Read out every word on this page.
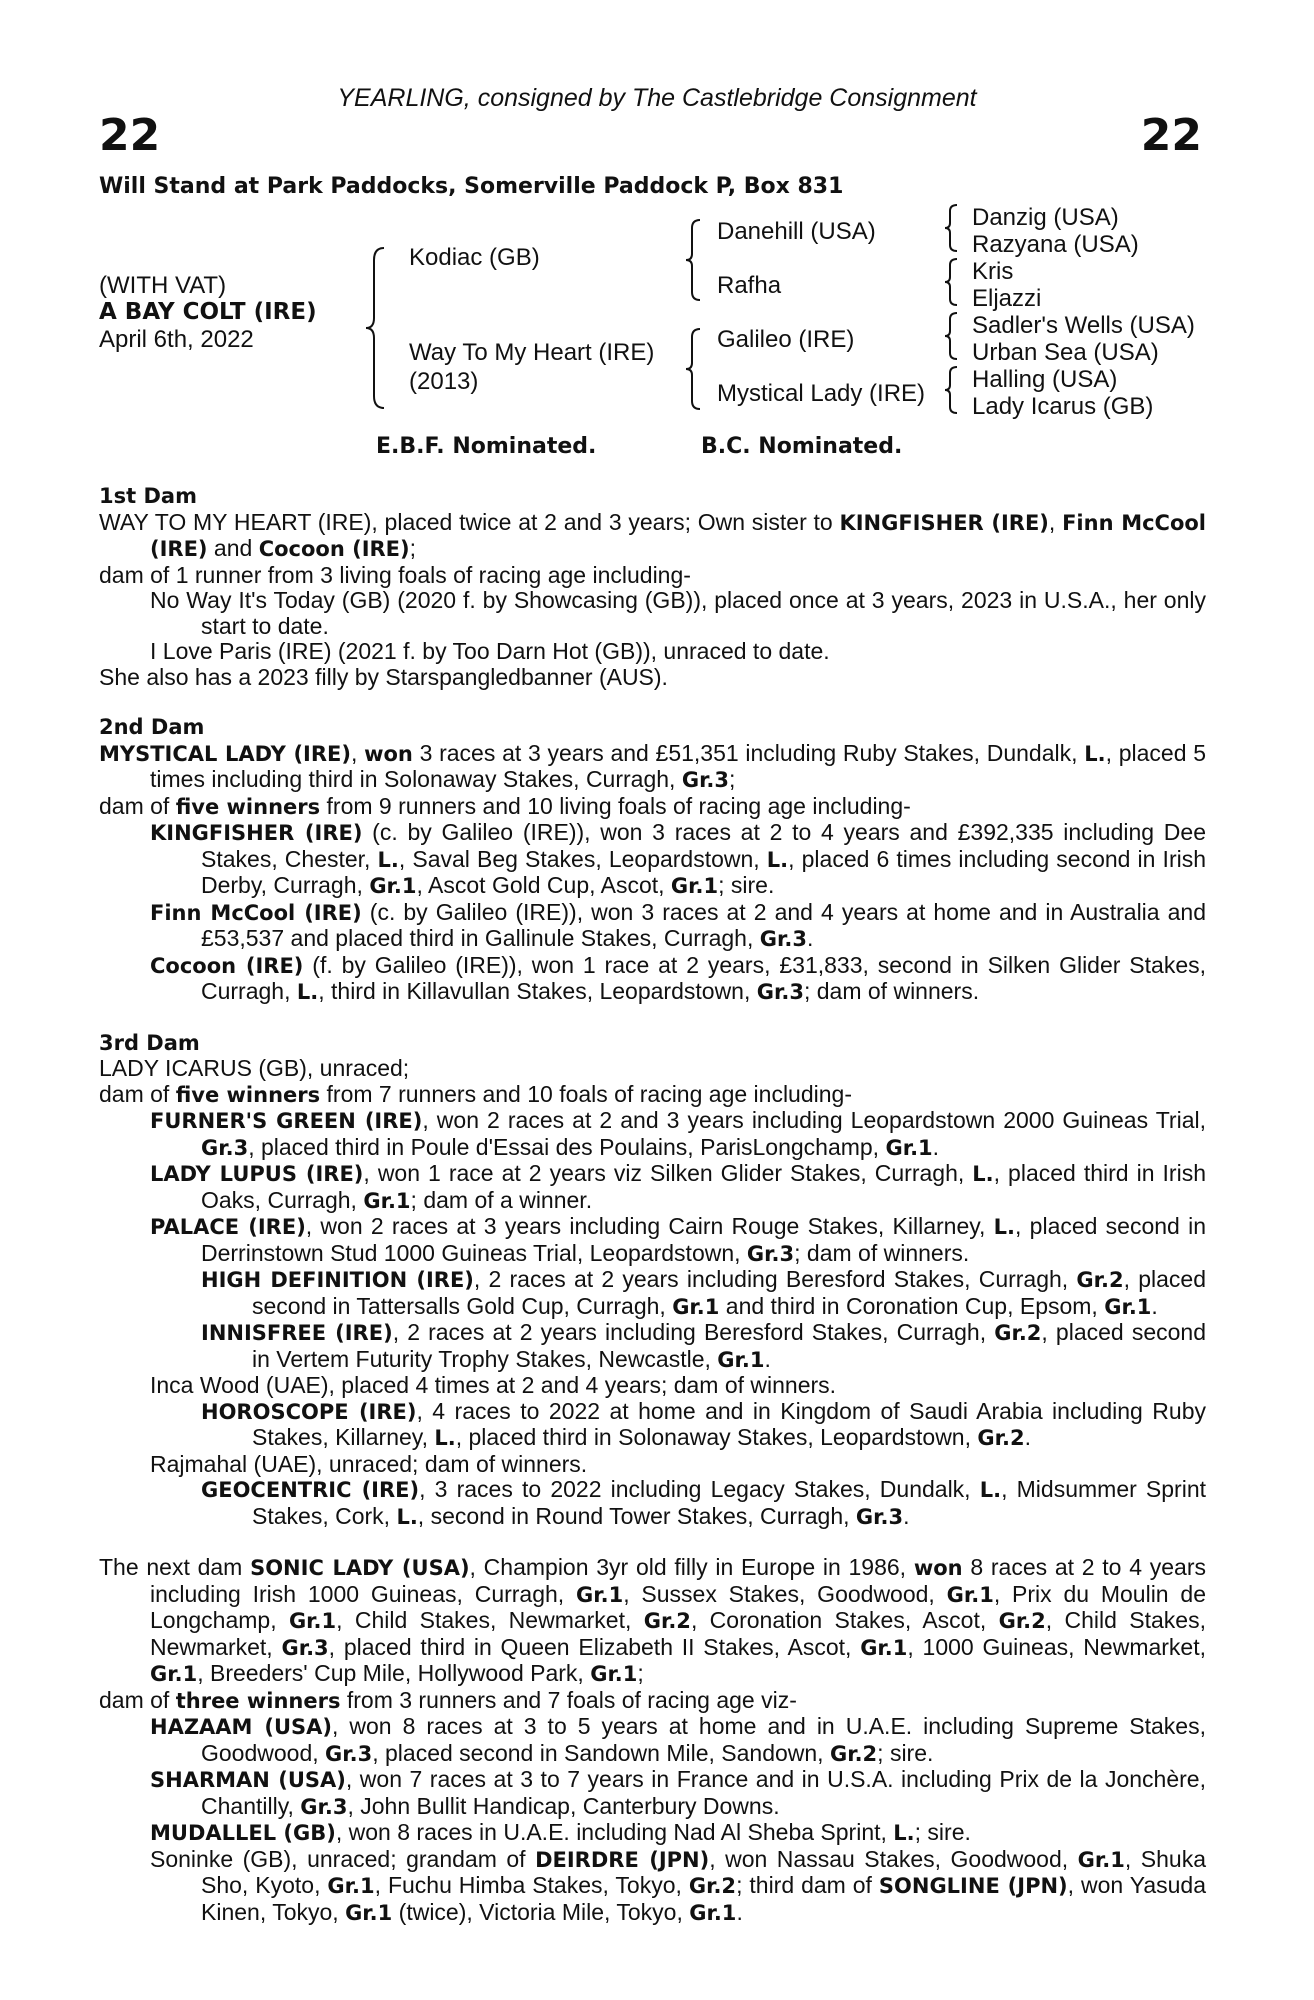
YEARLING, consigned by The Castlebridge Consignment
22	22
Will Stand at Park Paddocks, Somerville Paddock P, Box 831
(WITH VAT)
A BAY COLT (IRE)
April 6th, 2022
Kodiac (GB)
Way To My Heart (IRE)
(2013)
Danehill (USA)
Rafha
Galileo (IRE)
Mystical Lady (IRE)
Danzig (USA)
Razyana (USA)
Kris
Eljazzi
Sadler's Wells (USA)
Urban Sea (USA)
Halling (USA)
Lady Icarus (GB)
E.B.F. Nominated.	B.C. Nominated.
1st Dam
WAY TO MY HEART (IRE), placed twice at 2 and 3 years; Own sister to KINGFISHER (IRE), Finn McCool (IRE) and Cocoon (IRE);
dam of 1 runner from 3 living foals of racing age including-
No Way It's Today (GB) (2020 f. by Showcasing (GB)), placed once at 3 years, 2023 in U.S.A., her only start to date.
I Love Paris (IRE) (2021 f. by Too Darn Hot (GB)), unraced to date.
She also has a 2023 filly by Starspangledbanner (AUS).
2nd Dam
MYSTICAL LADY (IRE), won 3 races at 3 years and £51,351 including Ruby Stakes, Dundalk, L., placed 5 times including third in Solonaway Stakes, Curragh, Gr.3;
dam of five winners from 9 runners and 10 living foals of racing age including-
KINGFISHER (IRE) (c. by Galileo (IRE)), won 3 races at 2 to 4 years and £392,335 including Dee Stakes, Chester, L., Saval Beg Stakes, Leopardstown, L., placed 6 times including second in Irish Derby, Curragh, Gr.1, Ascot Gold Cup, Ascot, Gr.1; sire.
Finn McCool (IRE) (c. by Galileo (IRE)), won 3 races at 2 and 4 years at home and in Australia and £53,537 and placed third in Gallinule Stakes, Curragh, Gr.3.
Cocoon (IRE) (f. by Galileo (IRE)), won 1 race at 2 years, £31,833, second in Silken Glider Stakes, Curragh, L., third in Killavullan Stakes, Leopardstown, Gr.3; dam of winners.
3rd Dam
LADY ICARUS (GB), unraced;
dam of five winners from 7 runners and 10 foals of racing age including-
FURNER'S GREEN (IRE), won 2 races at 2 and 3 years including Leopardstown 2000 Guineas Trial, Gr.3, placed third in Poule d'Essai des Poulains, ParisLongchamp, Gr.1.
LADY LUPUS (IRE), won 1 race at 2 years viz Silken Glider Stakes, Curragh, L., placed third in Irish Oaks, Curragh, Gr.1; dam of a winner.
PALACE (IRE), won 2 races at 3 years including Cairn Rouge Stakes, Killarney, L., placed second in Derrinstown Stud 1000 Guineas Trial, Leopardstown, Gr.3; dam of winners.
HIGH DEFINITION (IRE), 2 races at 2 years including Beresford Stakes, Curragh, Gr.2, placed second in Tattersalls Gold Cup, Curragh, Gr.1 and third in Coronation Cup, Epsom, Gr.1.
INNISFREE (IRE), 2 races at 2 years including Beresford Stakes, Curragh, Gr.2, placed second in Vertem Futurity Trophy Stakes, Newcastle, Gr.1.
Inca Wood (UAE), placed 4 times at 2 and 4 years; dam of winners.
HOROSCOPE (IRE), 4 races to 2022 at home and in Kingdom of Saudi Arabia including Ruby Stakes, Killarney, L., placed third in Solonaway Stakes, Leopardstown, Gr.2.
Rajmahal (UAE), unraced; dam of winners.
GEOCENTRIC (IRE), 3 races to 2022 including Legacy Stakes, Dundalk, L., Midsummer Sprint Stakes, Cork, L., second in Round Tower Stakes, Curragh, Gr.3.
The next dam SONIC LADY (USA), Champion 3yr old filly in Europe in 1986, won 8 races at 2 to 4 years including Irish 1000 Guineas, Curragh, Gr.1, Sussex Stakes, Goodwood, Gr.1, Prix du Moulin de Longchamp, Gr.1, Child Stakes, Newmarket, Gr.2, Coronation Stakes, Ascot, Gr.2, Child Stakes, Newmarket, Gr.3, placed third in Queen Elizabeth II Stakes, Ascot, Gr.1, 1000 Guineas, Newmarket, Gr.1, Breeders' Cup Mile, Hollywood Park, Gr.1;
dam of three winners from 3 runners and 7 foals of racing age viz-
HAZAAM (USA), won 8 races at 3 to 5 years at home and in U.A.E. including Supreme Stakes, Goodwood, Gr.3, placed second in Sandown Mile, Sandown, Gr.2; sire.
SHARMAN (USA), won 7 races at 3 to 7 years in France and in U.S.A. including Prix de la Jonchère, Chantilly, Gr.3, John Bullit Handicap, Canterbury Downs.
MUDALLEL (GB), won 8 races in U.A.E. including Nad Al Sheba Sprint, L.; sire.
Soninke (GB), unraced; grandam of DEIRDRE (JPN), won Nassau Stakes, Goodwood, Gr.1, Shuka Sho, Kyoto, Gr.1, Fuchu Himba Stakes, Tokyo, Gr.2; third dam of SONGLINE (JPN), won Yasuda Kinen, Tokyo, Gr.1 (twice), Victoria Mile, Tokyo, Gr.1.
